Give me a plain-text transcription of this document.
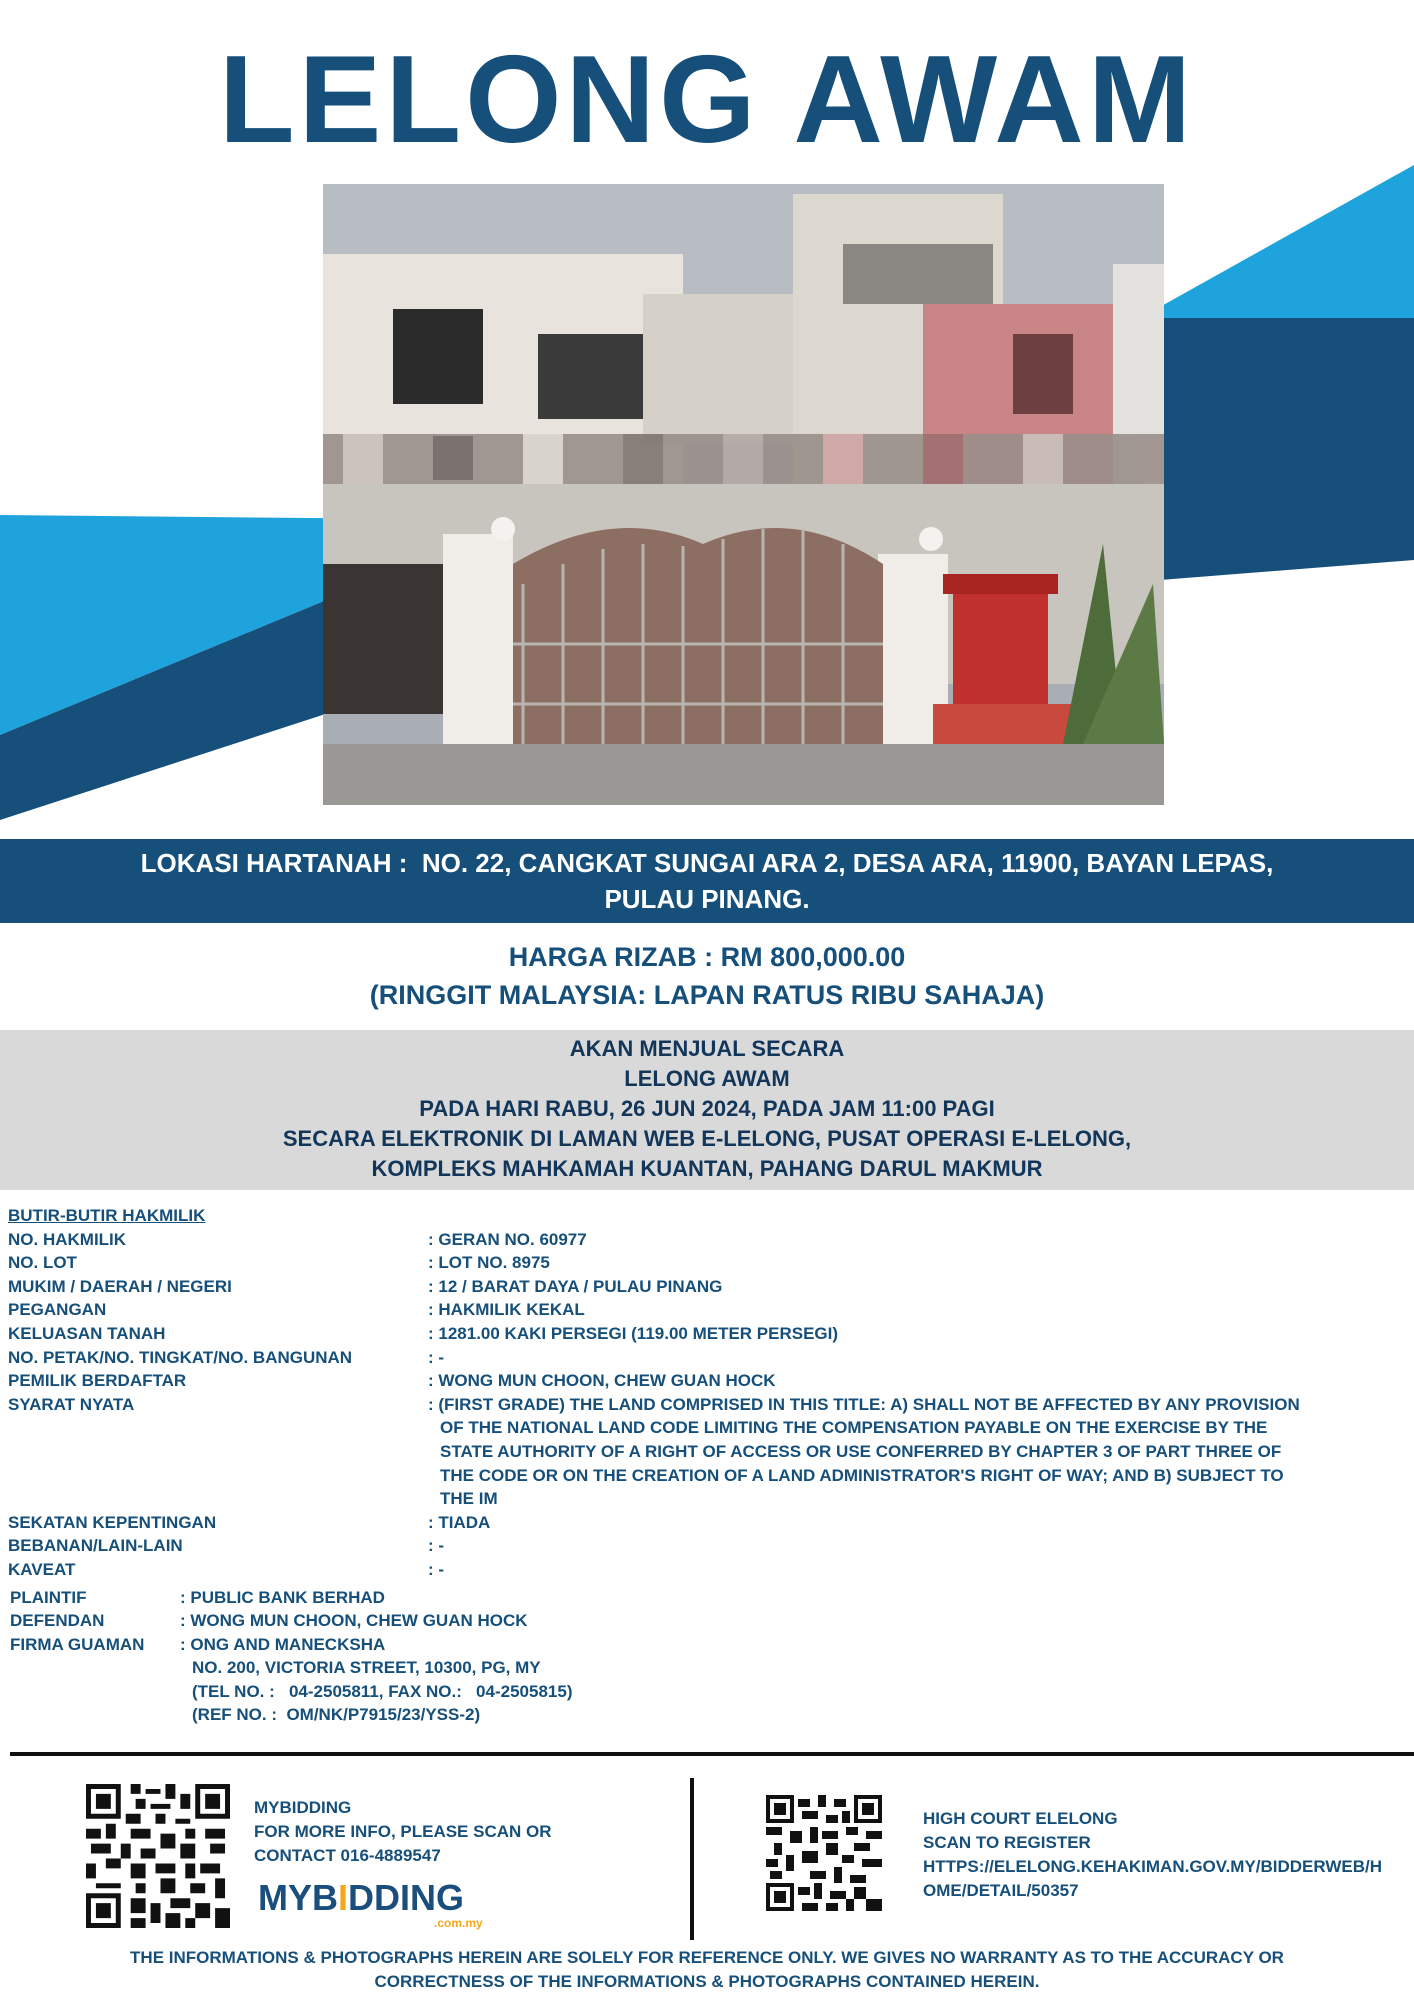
LELONG AWAM
LOKASI HARTANAH : NO. 22, CANGKAT SUNGAI ARA 2, DESA ARA, 11900, BAYAN LEPAS,
PULAU PINANG.
HARGA RIZAB : RM 800,000.00
(RINGGIT MALAYSIA: LAPAN RATUS RIBU SAHAJA)
AKAN MENJUAL SECARA
LELONG AWAM
PADA HARI RABU, 26 JUN 2024, PADA JAM 11:00 PAGI
SECARA ELEKTRONIK DI LAMAN WEB E-LELONG, PUSAT OPERASI E-LELONG,
KOMPLEKS MAHKAMAH KUANTAN, PAHANG DARUL MAKMUR
BUTIR-BUTIR HAKMILIK
NO. HAKMILIK	: GERAN NO. 60977
NO. LOT	: LOT NO. 8975
MUKIM / DAERAH / NEGERI	: 12 / BARAT DAYA / PULAU PINANG
PEGANGAN	: HAKMILIK KEKAL
KELUASAN TANAH	: 1281.00 KAKI PERSEGI (119.00 METER PERSEGI)
NO. PETAK/NO. TINGKAT/NO. BANGUNAN	: -
PEMILIK BERDAFTAR	: WONG MUN CHOON, CHEW GUAN HOCK
SYARAT NYATA	: (FIRST GRADE) THE LAND COMPRISED IN THIS TITLE: A) SHALL NOT BE AFFECTED BY ANY PROVISION OF THE NATIONAL LAND CODE LIMITING THE COMPENSATION PAYABLE ON THE EXERCISE BY THE STATE AUTHORITY OF A RIGHT OF ACCESS OR USE CONFERRED BY CHAPTER 3 OF PART THREE OF THE CODE OR ON THE CREATION OF A LAND ADMINISTRATOR'S RIGHT OF WAY; AND B) SUBJECT TO THE IM
SEKATAN KEPENTINGAN	: TIADA
BEBANAN/LAIN-LAIN	: -
KAVEAT	: -
PLAINTIF	: PUBLIC BANK BERHAD
DEFENDAN	: WONG MUN CHOON, CHEW GUAN HOCK
FIRMA GUAMAN	: ONG AND MANECKSHA
NO. 200, VICTORIA STREET, 10300, PG, MY
(TEL NO. :   04-2505811, FAX NO.:   04-2505815)
(REF NO. :  OM/NK/P7915/23/YSS-2)
MYBIDDING
FOR MORE INFO, PLEASE SCAN OR
CONTACT 016-4889547
MYBIDDING
.com.my
HIGH COURT ELELONG
SCAN TO REGISTER
HTTPS://ELELONG.KEHAKIMAN.GOV.MY/BIDDERWEB/HOME/DETAIL/50357
THE INFORMATIONS & PHOTOGRAPHS HEREIN ARE SOLELY FOR REFERENCE ONLY. WE GIVES NO WARRANTY AS TO THE ACCURACY OR
CORRECTNESS OF THE INFORMATIONS & PHOTOGRAPHS CONTAINED HEREIN.
